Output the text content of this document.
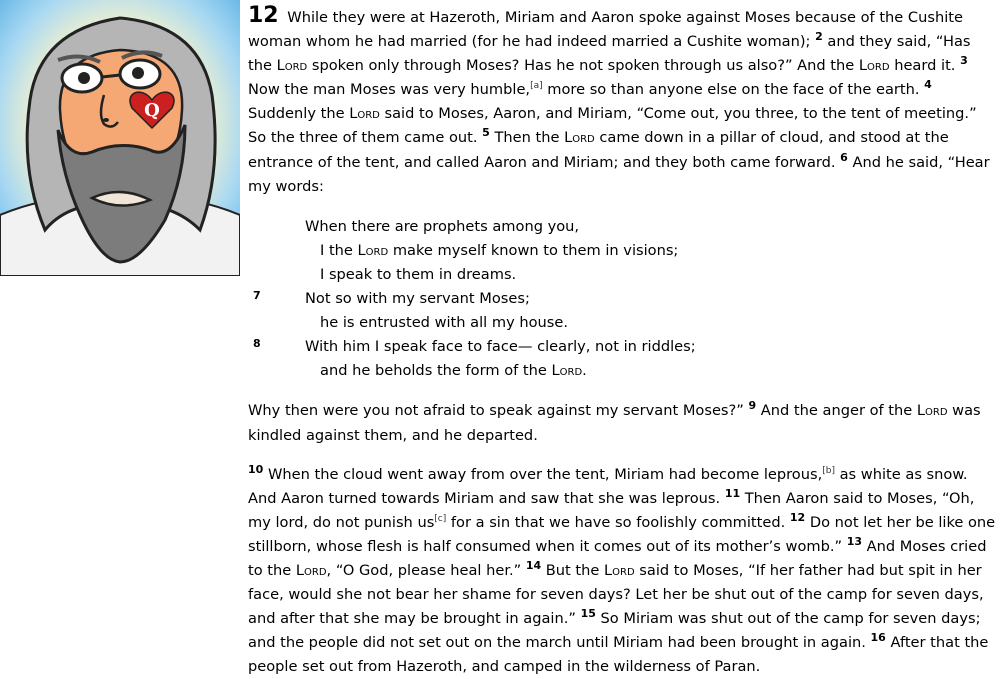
Q

12 While they were at Hazeroth, Miriam and Aaron spoke against Moses because of the Cushite woman whom he had married (for he had indeed married a Cushite woman); $^2$ and they said, “Has the Lord spoken only through Moses? Has he not spoken through us also?” And the Lord heard it. $^3$ Now the man Moses was very humble,[a] more so than anyone else on the face of the earth. $^4$ Suddenly the Lord said to Moses, Aaron, and Miriam, “Come out, you three, to the tent of meeting.” So the three of them came out. $^5$ Then the Lord came down in a pillar of cloud, and stood at the entrance of the tent, and called Aaron and Miriam; and they both came forward. $^6$ And he said, “Hear my words:

When there are prophets among you,
I the Lord make myself known to them in visions;
I speak to them in dreams.
7	Not so with my servant Moses;
he is entrusted with all my house.
8	With him I speak face to face— clearly, not in riddles;
and he beholds the form of the Lord.

Why then were you not afraid to speak against my servant Moses?” $^9$ And the anger of the Lord was kindled against them, and he departed.

$^{10}$ When the cloud went away from over the tent, Miriam had become leprous,[b] as white as snow. And Aaron turned towards Miriam and saw that she was leprous. $^{11}$ Then Aaron said to Moses, “Oh, my lord, do not punish us[c] for a sin that we have so foolishly committed. $^{12}$ Do not let her be like one stillborn, whose flesh is half consumed when it comes out of its mother’s womb.” $^{13}$ And Moses cried to the Lord, “O God, please heal her.” $^{14}$ But the Lord said to Moses, “If her father had but spit in her face, would she not bear her shame for seven days? Let her be shut out of the camp for seven days, and after that she may be brought in again.” $^{15}$ So Miriam was shut out of the camp for seven days; and the people did not set out on the march until Miriam had been brought in again. $^{16}$ After that the people set out from Hazeroth, and camped in the wilderness of Paran.
